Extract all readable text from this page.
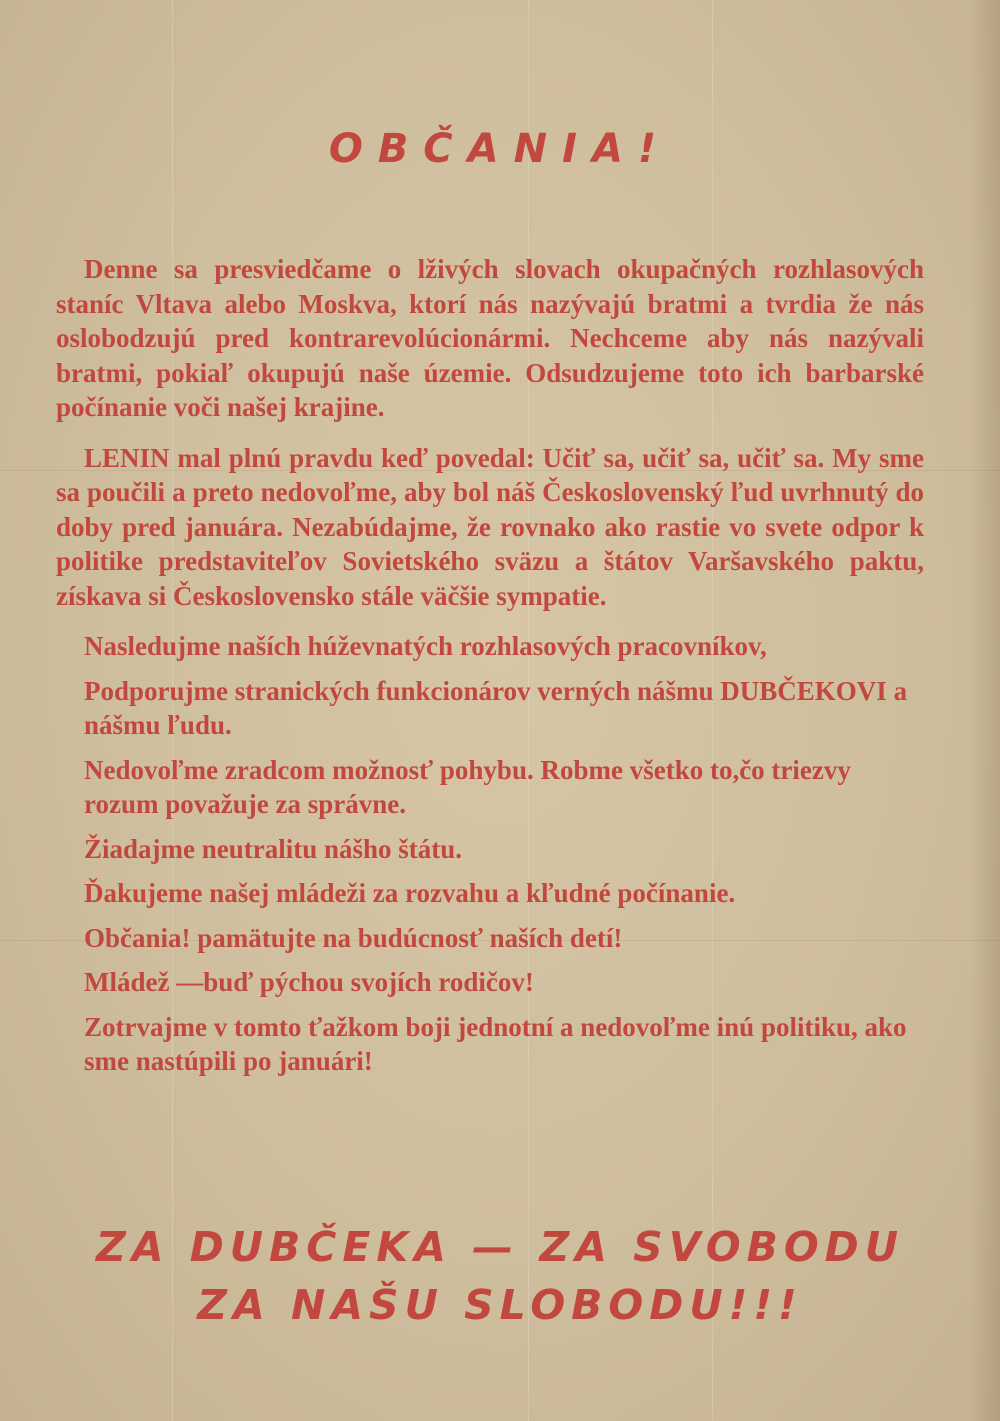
OBČANIA!

Denne sa presviedčame o lživých slovach okupačných rozhlasových staníc Vltava alebo Moskva, ktorí nás nazývajú bratmi a tvrdia že nás oslobodzujú pred kontrarevolúcionármi. Nechceme aby nás nazývali bratmi, pokiaľ okupujú naše územie. Odsudzujeme toto ich barbarské počínanie voči našej krajine.

LENIN mal plnú pravdu keď povedal: Učiť sa, učiť sa, učiť sa. My sme sa poučili a preto nedovoľme, aby bol náš Československý ľud uvrhnutý do doby pred januára. Nezabúdajme, že rovnako ako rastie vo svete odpor k politike predstaviteľov Sovietského sväzu a štátov Varšavského paktu, získava si Československo stále väčšie sympatie.

Nasledujme naších húževnatých rozhlasových pracovníkov,

Podporujme stranických funkcionárov verných nášmu DUBČEKOVI a nášmu ľudu.

Nedovoľme zradcom možnosť pohybu. Robme všetko to,čo triezvy rozum považuje za správne.

Žiadajme neutralitu nášho štátu.

Ďakujeme našej mládeži za rozvahu a kľudné počínanie.

Občania! pamätujte na budúcnosť naších detí!

Mládež —buď pýchou svojích rodičov!

Zotrvajme v tomto ťažkom boji jednotní a nedovoľme inú politiku, ako sme nastúpili po januári!

ZA DUBČEKA — ZA SVOBODU
ZA NAŠU SLOBODU!!!
